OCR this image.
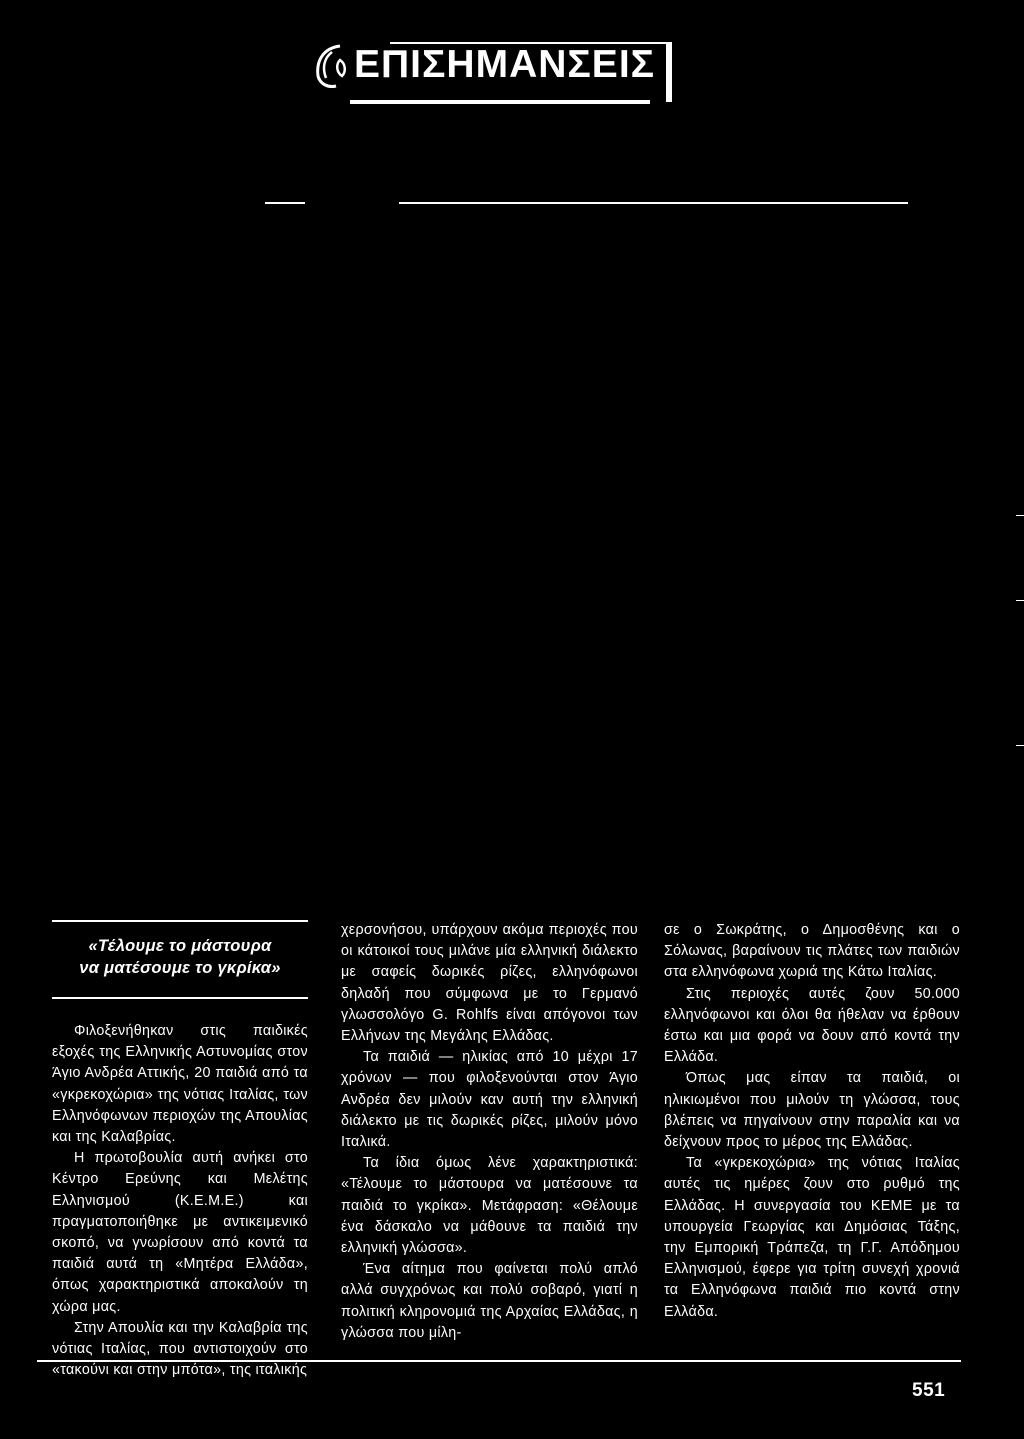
ΕΠΙΣΗΜΑΝΣΕΙΣ

«Τέλουμε το μάστουρα
να ματέσουμε το γκρίκα»

Φιλοξενήθηκαν στις παιδικές εξοχές της Ελληνικής Αστυνομίας στον Άγιο Ανδρέα Αττικής, 20 παιδιά από τα «γκρεκοχώρια» της νότιας Ιταλίας, των Ελληνόφωνων περιοχών της Απουλίας και της Καλαβρίας.

Η πρωτοβουλία αυτή ανήκει στο Κέντρο Ερεύνης και Μελέτης Ελληνισμού (Κ.Ε.Μ.Ε.) και πραγματοποιήθηκε με αντικειμενικό σκοπό, να γνωρίσουν από κοντά τα παιδιά αυτά τη «Μητέρα Ελλάδα», όπως χαρακτηριστικά αποκαλούν τη χώρα μας.

Στην Απουλία και την Καλαβρία της νότιας Ιταλίας, που αντιστοιχούν στο «τακούνι και στην μπότα», της ιταλικής

χερσονήσου, υπάρχουν ακόμα περιοχές που οι κάτοικοί τους μιλάνε μία ελληνική διάλεκτο με σαφείς δωρικές ρίζες, ελληνόφωνοι δηλαδή που σύμφωνα με το Γερμανό γλωσσολόγο G. Rohlfs είναι απόγονοι των Ελλήνων της Μεγάλης Ελλάδας.

Τα παιδιά — ηλικίας από 10 μέχρι 17 χρόνων — που φιλοξενούνται στον Άγιο Ανδρέα δεν μιλούν καν αυτή την ελληνική διάλεκτο με τις δωρικές ρίζες, μιλούν μόνο Ιταλικά.

Τα ίδια όμως λένε χαρακτηριστικά: «Τέλουμε το μάστουρα να ματέσουνε τα παιδιά το γκρίκα». Μετάφραση: «Θέλουμε ένα δάσκαλο να μάθουνε τα παιδιά την ελληνική γλώσσα».

Ένα αίτημα που φαίνεται πολύ απλό αλλά συγχρόνως και πολύ σοβαρό, γιατί η πολιτική κληρονομιά της Αρχαίας Ελλάδας, η γλώσσα που μίλη-

σε ο Σωκράτης, ο Δημοσθένης και ο Σόλωνας, βαραίνουν τις πλάτες των παιδιών στα ελληνόφωνα χωριά της Κάτω Ιταλίας.

Στις περιοχές αυτές ζουν 50.000 ελληνόφωνοι και όλοι θα ήθελαν να έρθουν έστω και μια φορά να δουν από κοντά την Ελλάδα.

Όπως μας είπαν τα παιδιά, οι ηλικιωμένοι που μιλούν τη γλώσσα, τους βλέπεις να πηγαίνουν στην παραλία και να δείχνουν προς το μέρος της Ελλάδας.

Τα «γκρεκοχώρια» της νότιας Ιταλίας αυτές τις ημέρες ζουν στο ρυθμό της Ελλάδας. Η συνεργασία του ΚΕΜΕ με τα υπουργεία Γεωργίας και Δημόσιας Τάξης, την Εμπορική Τράπεζα, τη Γ.Γ. Απόδημου Ελληνισμού, έφερε για τρίτη συνεχή χρονιά τα Ελληνόφωνα παιδιά πιο κοντά στην Ελλάδα.

551
